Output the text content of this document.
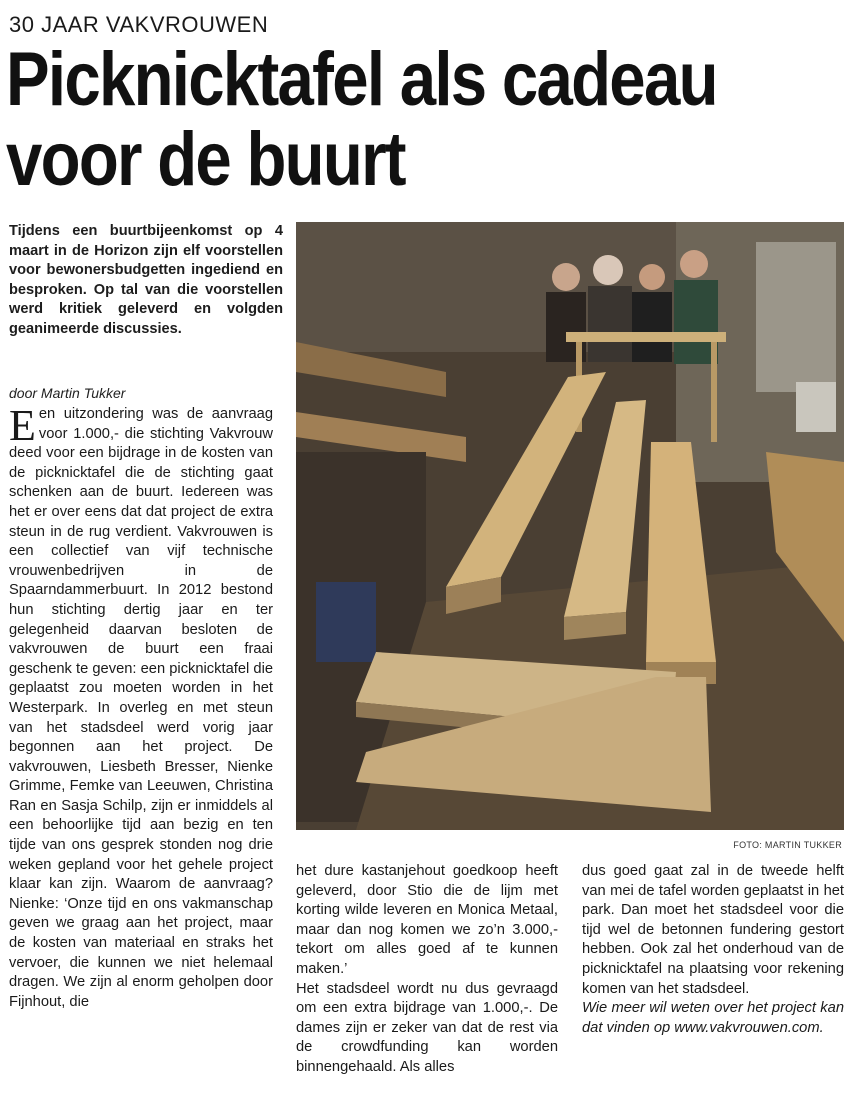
30 JAAR VAKVROUWEN
Picknicktafel als cadeau voor de buurt

Tijdens een buurtbijeenkomst op 4 maart in de Horizon zijn elf voorstellen voor bewonersbudgetten ingediend en besproken. Op tal van die voorstellen werd kritiek geleverd en volgden geanimeerde discussies.

door Martin Tukker

Een uitzondering was de aanvraag voor 1.000,- die stichting Vakvrouw deed voor een bijdrage in de kosten van de picknicktafel die de stichting gaat schenken aan de buurt. Iedereen was het er over eens dat dat project de extra steun in de rug verdient. Vakvrouwen is een collectief van vijf technische vrouwenbedrijven in de Spaarndammerbuurt. In 2012 bestond hun stichting dertig jaar en ter gelegenheid daarvan besloten de vakvrouwen de buurt een fraai geschenk te geven: een picknicktafel die geplaatst zou moeten worden in het Westerpark. In overleg en met steun van het stadsdeel werd vorig jaar begonnen aan het project. De vakvrouwen, Liesbeth Bresser, Nienke Grimme, Femke van Leeuwen, Christina Ran en Sasja Schilp, zijn er inmiddels al een behoorlijke tijd aan bezig en ten tijde van ons gesprek stonden nog drie weken gepland voor het gehele project klaar kan zijn. Waarom de aanvraag? Nienke: ‘Onze tijd en ons vakmanschap geven we graag aan het project, maar de kosten van materiaal en straks het vervoer, die kunnen we niet helemaal dragen. We zijn al enorm geholpen door Fijnhout, die

FOTO: MARTIN TUKKER

het dure kastanjehout goedkoop heeft geleverd, door Stio die de lijm met korting wilde leveren en Monica Metaal, maar dan nog komen we zo’n 3.000,- tekort om alles goed af te kunnen maken.’

Het stadsdeel wordt nu dus gevraagd om een extra bijdrage van 1.000,-. De dames zijn er zeker van dat de rest via de crowdfunding kan worden binnengehaald. Als alles

dus goed gaat zal in de tweede helft van mei de tafel worden geplaatst in het park. Dan moet het stadsdeel voor die tijd wel de betonnen fundering gestort hebben. Ook zal het onderhoud van de picknicktafel na plaatsing voor rekening komen van het stadsdeel.

Wie meer wil weten over het project kan dat vinden op www.vakvrouwen.com.
